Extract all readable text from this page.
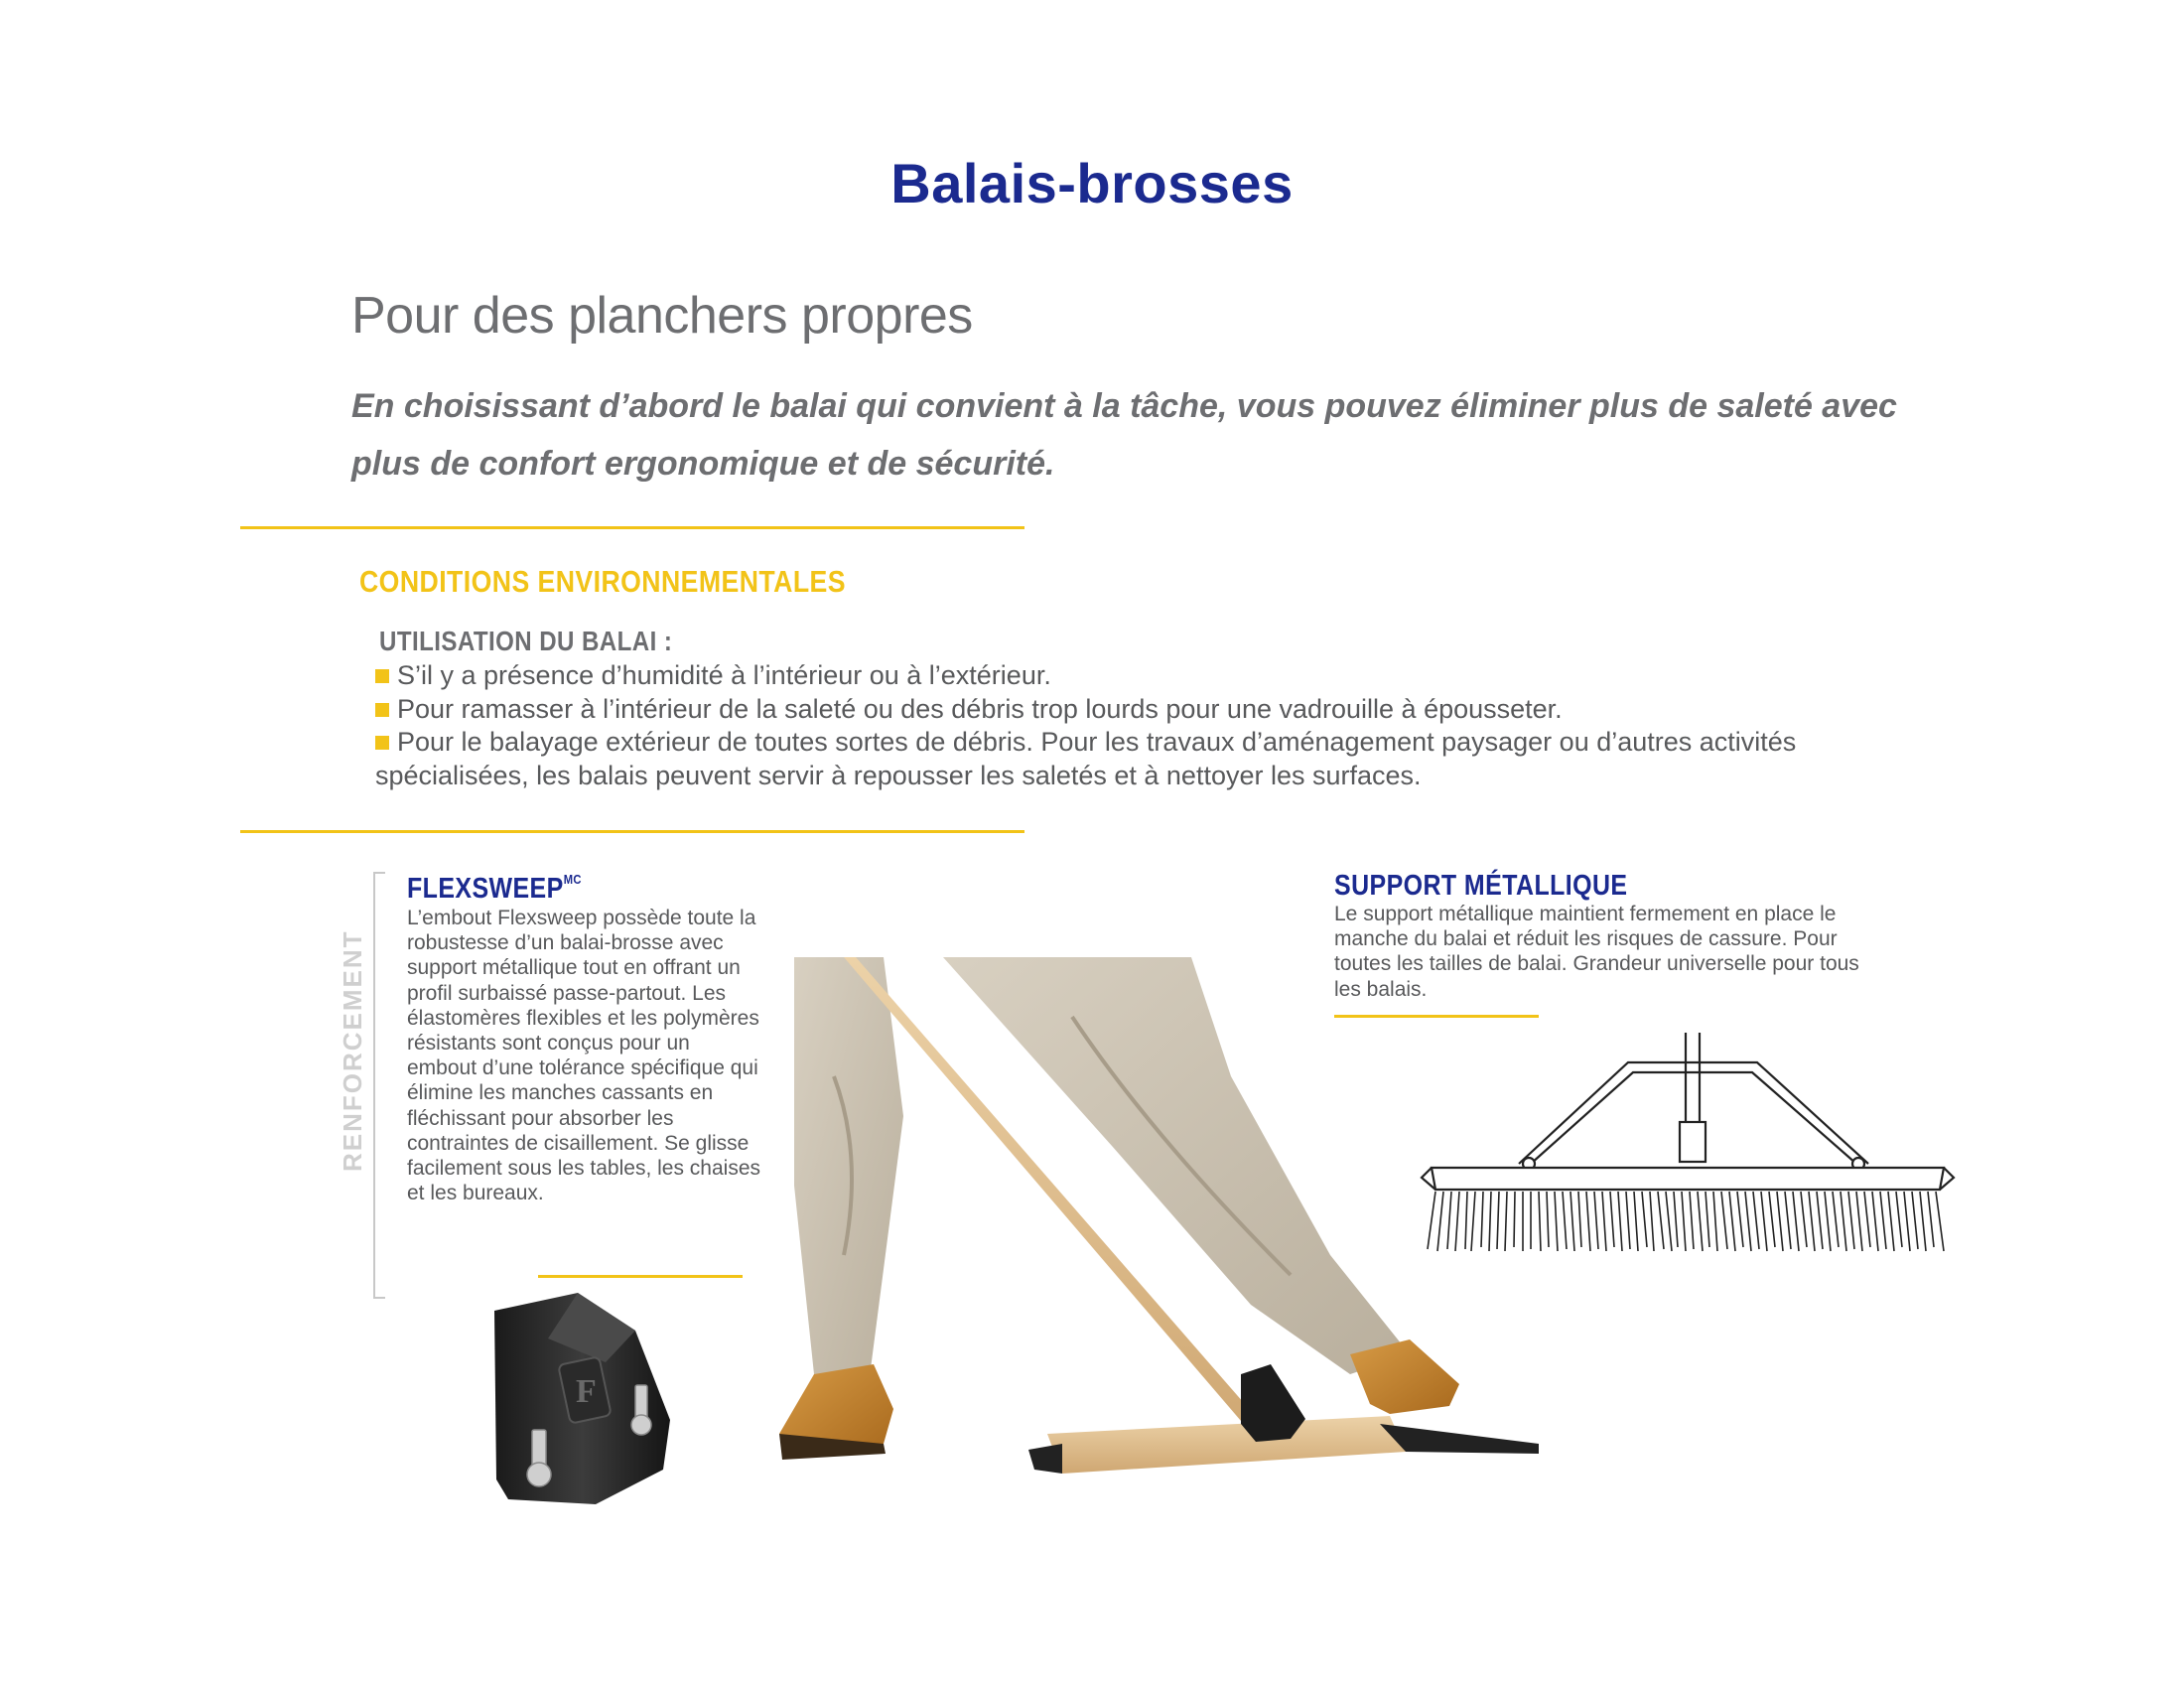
Balais-brosses
Pour des planchers propres
En choisissant d’abord le balai qui convient à la tâche, vous pouvez éliminer plus de saleté avec plus de confort ergonomique et de sécurité.
CONDITIONS ENVIRONNEMENTALES
UTILISATION DU BALAI :
S’il y a présence d’humidité à l’intérieur ou à l’extérieur.
Pour ramasser à l’intérieur de la saleté ou des débris trop lourds pour une vadrouille à épousseter.
Pour le balayage extérieur de toutes sortes de débris. Pour les travaux d’aménagement paysager ou d’autres activités spécialisées, les balais peuvent servir à repousser les saletés et à nettoyer les surfaces.
RENFORCEMENT
$FLEXSWEEP^{MC}$
L’embout Flexsweep possède toute la robustesse d’un balai-brosse avec support métallique tout en offrant un profil surbaissé passe-partout. Les élastomères flexibles et les polymères résistants sont conçus pour un embout d’une tolérance spécifique qui élimine les manches cassants en fléchissant pour absorber les contraintes de cisaillement. Se glisse facilement sous les tables, les chaises et les bureaux.
SUPPORT MÉTALLIQUE
Le support métallique maintient fermement en place le manche du balai et réduit les risques de cassure. Pour toutes les tailles de balai. Grandeur universelle pour tous les balais.
F
